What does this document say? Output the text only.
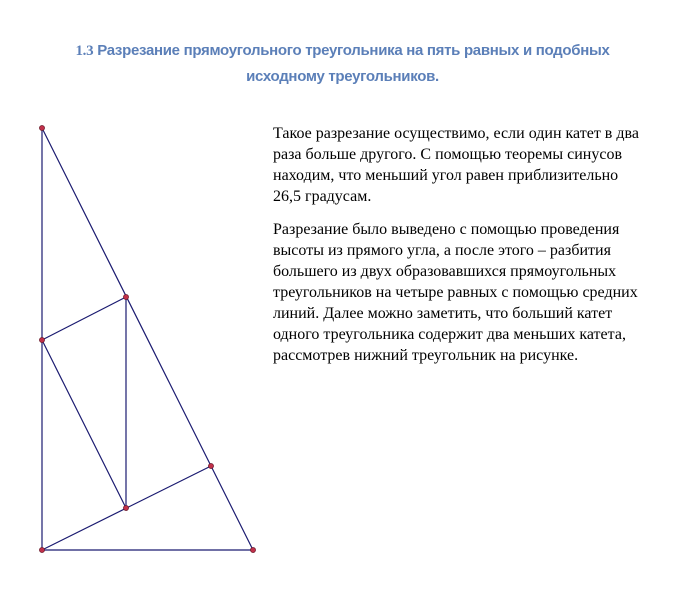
1.3 Разрезание прямоугольного треугольника на пять равных и подобных
исходному треугольников.

Такое разрезание осуществимо, если один катет в два раза больше другого. С помощью теоремы синусов находим, что меньший угол равен приблизительно 26,5 градусам.

Разрезание было выведено с помощью проведения высоты из прямого угла, а после этого – разбития большего из двух образовавшихся прямоугольных треугольников на четыре равных с помощью средних линий. Далее можно заметить, что больший катет одного треугольника содержит два меньших катета, рассмотрев нижний треугольник на рисунке.
